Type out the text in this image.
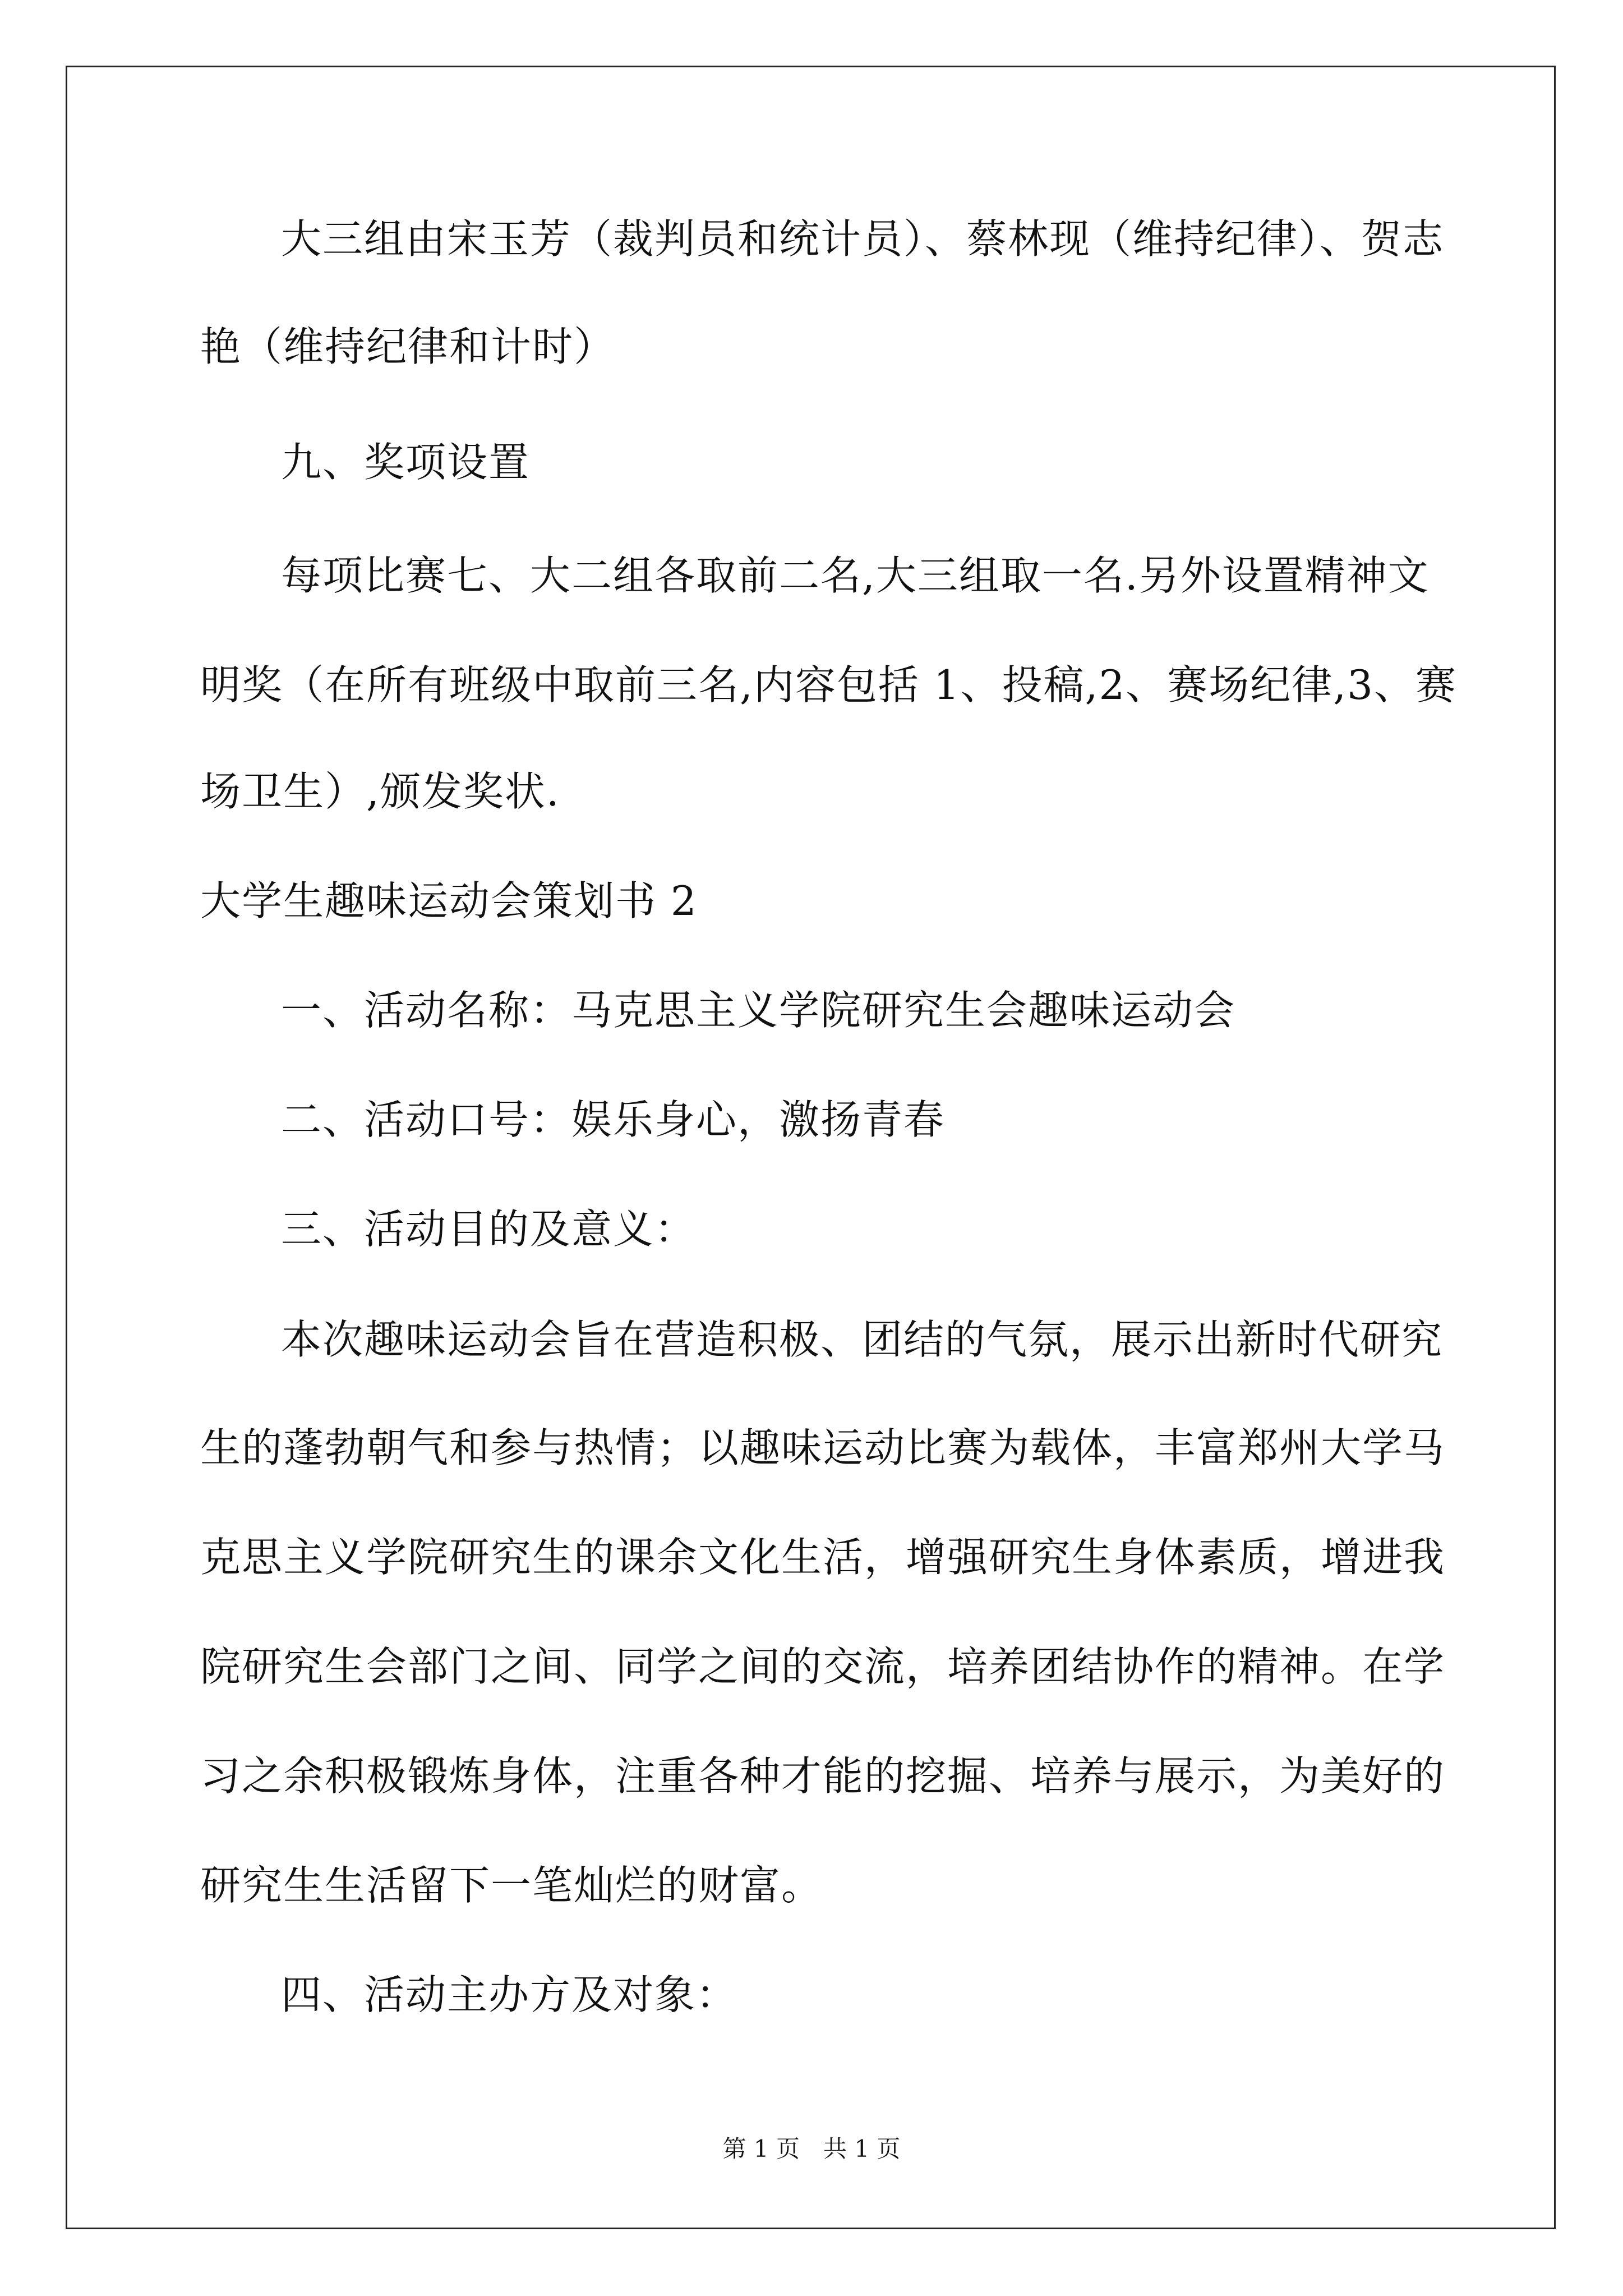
大三组由宋玉芳（裁判员和统计员）、蔡林现（维持纪律）、贺志
艳（维持纪律和计时）
九、奖项设置
每项比赛七、大二组各取前二名,大三组取一名.另外设置精神文
明奖（在所有班级中取前三名,内容包括 1、投稿,2、赛场纪律,3、赛
场卫生）,颁发奖状.
大学生趣味运动会策划书 2
一、活动名称：马克思主义学院研究生会趣味运动会
二、活动口号：娱乐身心，激扬青春
三、活动目的及意义：
本次趣味运动会旨在营造积极、团结的气氛，展示出新时代研究
生的蓬勃朝气和参与热情；以趣味运动比赛为载体，丰富郑州大学马
克思主义学院研究生的课余文化生活，增强研究生身体素质，增进我
院研究生会部门之间、同学之间的交流，培养团结协作的精神。在学
习之余积极锻炼身体，注重各种才能的挖掘、培养与展示，为美好的
研究生生活留下一笔灿烂的财富。
四、活动主办方及对象：
第 1 页　共 1 页
